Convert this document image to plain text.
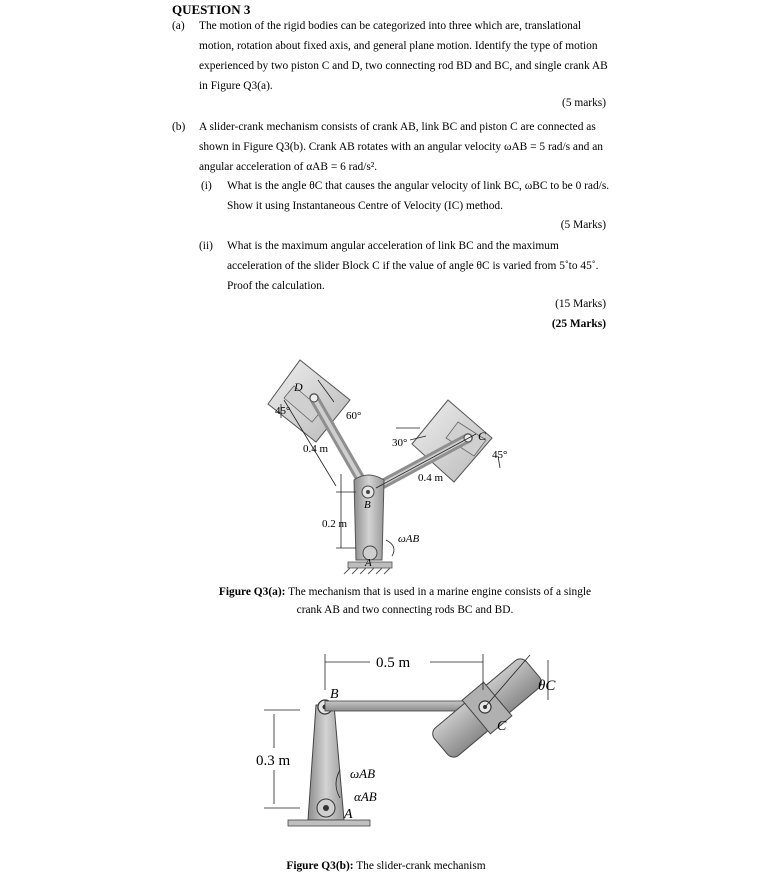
QUESTION 3
(a) The motion of the rigid bodies can be categorized into three which are, translational
motion, rotation about fixed axis, and general plane motion. Identify the type of motion
experienced by two piston C and D, two connecting rod BD and BC, and single crank AB
in Figure Q3(a).
(5 marks)
(b) A slider-crank mechanism consists of crank AB, link BC and piston C are connected as
shown in Figure Q3(b). Crank AB rotates with an angular velocity ωAB = 5 rad/s and an
angular acceleration of αAB = 6 rad/s².
(i) What is the angle θC that causes the angular velocity of link BC, ωBC to be 0 rad/s.
Show it using Instantaneous Centre of Velocity (IC) method.
(5 Marks)
(ii) What is the maximum angular acceleration of link BC and the maximum
acceleration of the slider Block C if the value of angle θC is varied from 5˚to 45˚.
Proof the calculation.
(15 Marks)
(25 Marks)
D
C
B
A
45°	60°
30°
45°
0.4 m
0.4 m
0.2 m
ωAB
0.5 m
0.3 m
B
A
C
θC
ωAB
αAB
Figure Q3(a): The mechanism that is used in a marine engine consists of a single
crank AB and two connecting rods BC and BD.
Figure Q3(b): The slider-crank mechanism
